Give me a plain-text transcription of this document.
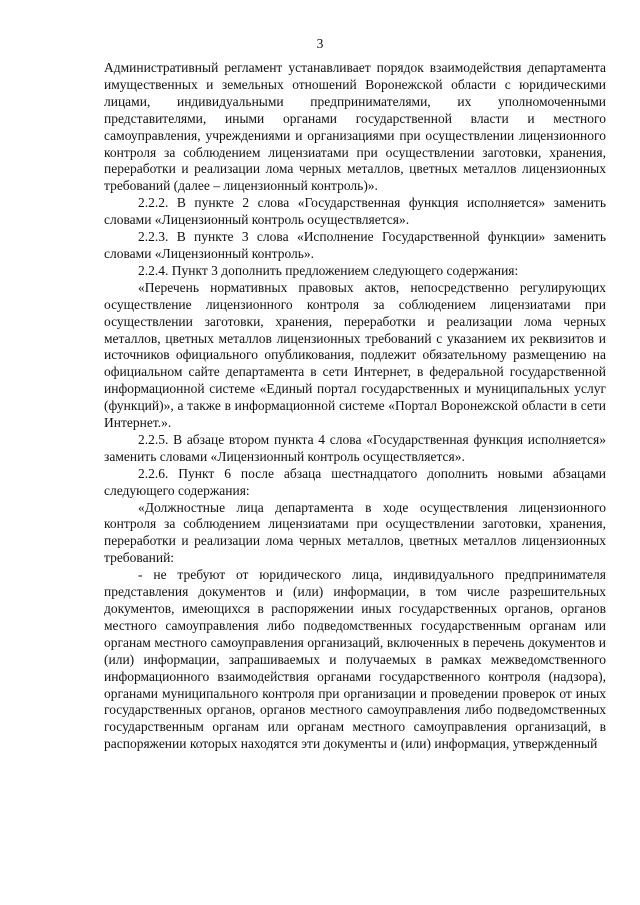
3

Административный регламент устанавливает порядок взаимодействия департамента имущественных и земельных отношений Воронежской области с юридическими лицами, индивидуальными предпринимателями, их уполномоченными представителями, иными органами государственной власти и местного самоуправления, учреждениями и организациями при осуществлении лицензионного контроля за соблюдением лицензиатами при осуществлении заготовки, хранения, переработки и реализации лома черных металлов, цветных металлов лицензионных требований (далее – лицензионный контроль)».

2.2.2. В пункте 2 слова «Государственная функция исполняется» заменить словами «Лицензионный контроль осуществляется».

2.2.3. В пункте 3 слова «Исполнение Государственной функции» заменить словами «Лицензионный контроль».

2.2.4. Пункт 3 дополнить предложением следующего содержания:

«Перечень нормативных правовых актов, непосредственно регулирующих осуществление лицензионного контроля за соблюдением лицензиатами при осуществлении заготовки, хранения, переработки и реализации лома черных металлов, цветных металлов лицензионных требований с указанием их реквизитов и источников официального опубликования, подлежит обязательному размещению на официальном сайте департамента в сети Интернет, в федеральной государственной информационной системе «Единый портал государственных и муниципальных услуг (функций)», а также в информационной системе «Портал Воронежской области в сети Интернет.».

2.2.5. В абзаце втором пункта 4 слова «Государственная функция исполняется» заменить словами «Лицензионный контроль осуществляется».

2.2.6. Пункт 6 после абзаца шестнадцатого дополнить новыми абзацами следующего содержания:

«Должностные лица департамента в ходе осуществления лицензионного контроля за соблюдением лицензиатами при осуществлении заготовки, хранения, переработки и реализации лома черных металлов, цветных металлов лицензионных требований:

- не требуют от юридического лица, индивидуального предпринимателя представления документов и (или) информации, в том числе разрешительных документов, имеющихся в распоряжении иных государственных органов, органов местного самоуправления либо подведомственных государственным органам или органам местного самоуправления организаций, включенных в перечень документов и (или) информации, запрашиваемых и получаемых в рамках межведомственного информационного взаимодействия органами государственного контроля (надзора), органами муниципального контроля при организации и проведении проверок от иных государственных органов, органов местного самоуправления либо подведомственных государственным органам или органам местного самоуправления организаций, в распоряжении которых находятся эти документы и (или) информация, утвержденный
